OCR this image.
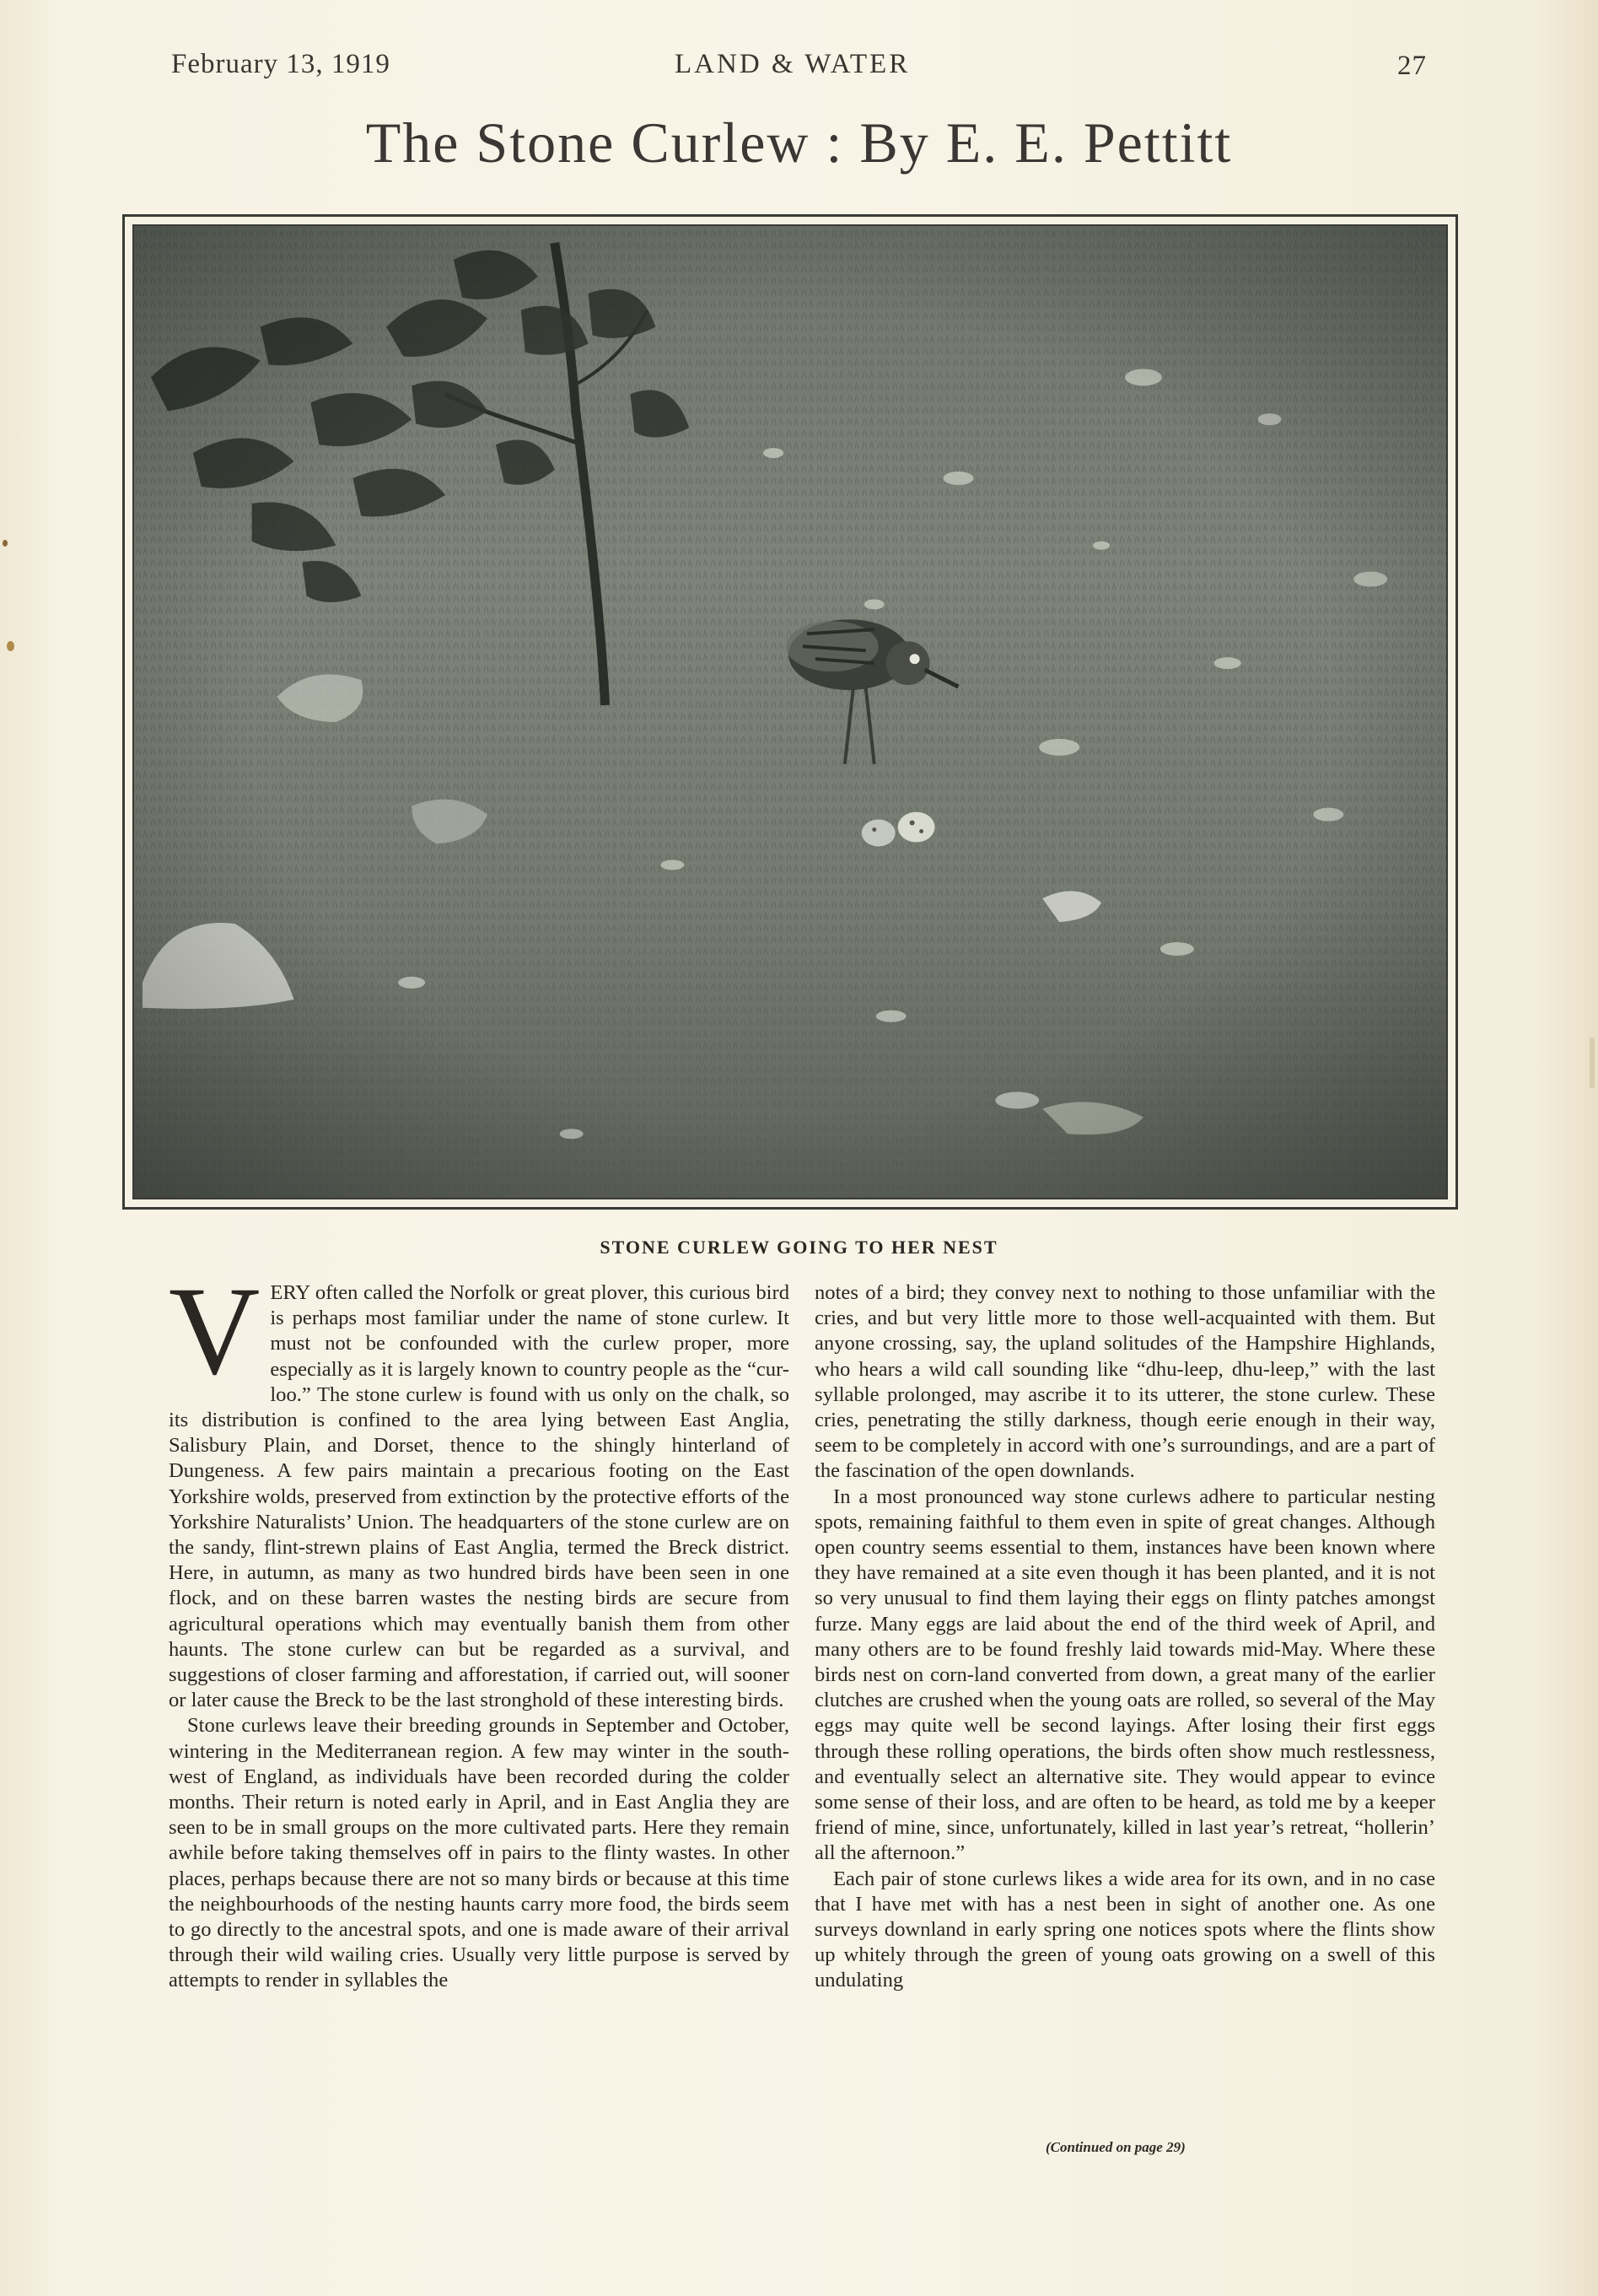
February 13, 1919	LAND & WATER	27
The Stone Curlew : By E. E. Pettitt
STONE CURLEW GOING TO HER NEST

VERY often called the Norfolk or great plover, this curious bird is perhaps most familiar under the name of stone curlew. It must not be confounded with the curlew proper, more especially as it is largely known to country people as the “cur-loo.” The stone curlew is found with us only on the chalk, so its distribution is confined to the area lying between East Anglia, Salisbury Plain, and Dorset, thence to the shingly hinterland of Dungeness. A few pairs maintain a precarious footing on the East Yorkshire wolds, preserved from extinction by the protective efforts of the Yorkshire Naturalists’ Union. The headquarters of the stone curlew are on the sandy, flint-strewn plains of East Anglia, termed the Breck district. Here, in autumn, as many as two hundred birds have been seen in one flock, and on these barren wastes the nesting birds are secure from agricultural operations which may eventually banish them from other haunts. The stone curlew can but be regarded as a survival, and suggestions of closer farming and afforestation, if carried out, will sooner or later cause the Breck to be the last stronghold of these interesting birds.

Stone curlews leave their breeding grounds in September and October, wintering in the Mediterranean region. A few may winter in the south-west of England, as individuals have been recorded during the colder months. Their return is noted early in April, and in East Anglia they are seen to be in small groups on the more cultivated parts. Here they remain awhile before taking themselves off in pairs to the flinty wastes. In other places, perhaps because there are not so many birds or because at this time the neighbourhoods of the nesting haunts carry more food, the birds seem to go directly to the ancestral spots, and one is made aware of their arrival through their wild wailing cries. Usually very little purpose is served by attempts to render in syllables the

notes of a bird; they convey next to nothing to those unfamiliar with the cries, and but very little more to those well-acquainted with them. But anyone crossing, say, the upland solitudes of the Hampshire Highlands, who hears a wild call sounding like “dhu-leep, dhu-leep,” with the last syllable prolonged, may ascribe it to its utterer, the stone curlew. These cries, penetrating the stilly darkness, though eerie enough in their way, seem to be completely in accord with one’s surroundings, and are a part of the fascination of the open downlands.

In a most pronounced way stone curlews adhere to particular nesting spots, remaining faithful to them even in spite of great changes. Although open country seems essential to them, instances have been known where they have remained at a site even though it has been planted, and it is not so very unusual to find them laying their eggs on flinty patches amongst furze. Many eggs are laid about the end of the third week of April, and many others are to be found freshly laid towards mid-May. Where these birds nest on corn-land converted from down, a great many of the earlier clutches are crushed when the young oats are rolled, so several of the May eggs may quite well be second layings. After losing their first eggs through these rolling operations, the birds often show much restlessness, and eventually select an alternative site. They would appear to evince some sense of their loss, and are often to be heard, as told me by a keeper friend of mine, since, unfortunately, killed in last year’s retreat, “hollerin’ all the afternoon.”

Each pair of stone curlews likes a wide area for its own, and in no case that I have met with has a nest been in sight of another one. As one surveys downland in early spring one notices spots where the flints show up whitely through the green of young oats growing on a swell of this undulating

(Continued on page 29)
